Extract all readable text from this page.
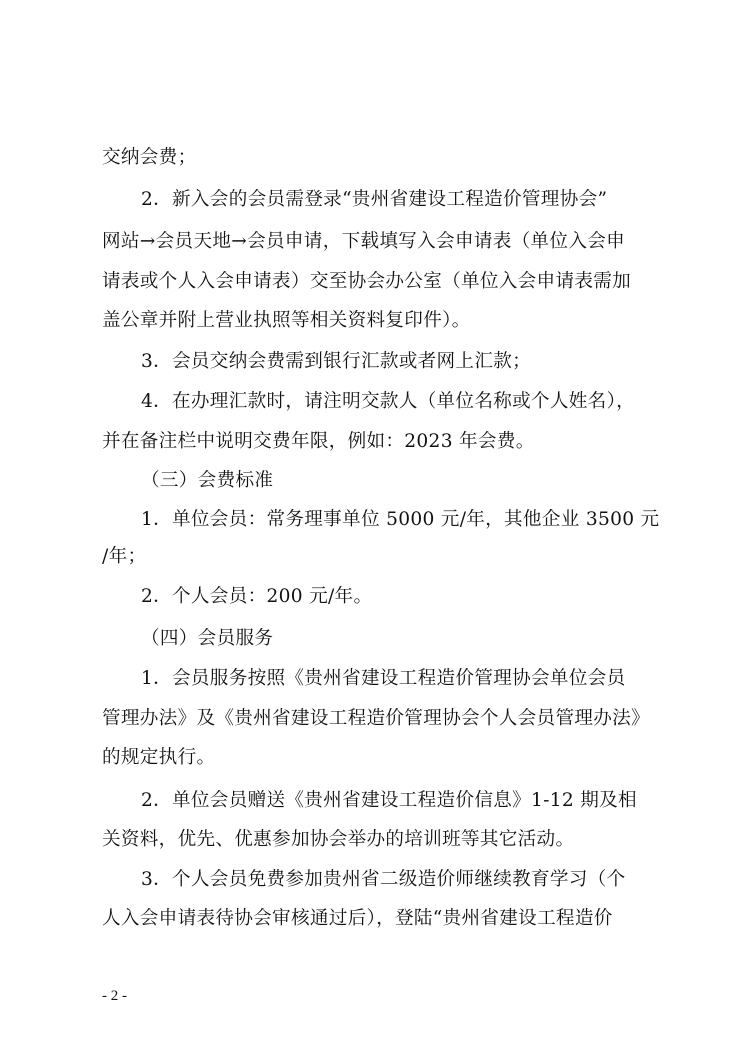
交纳会费；
2．新入会的会员需登录“贵州省建设工程造价管理协会”
网站→会员天地→会员申请，下载填写入会申请表（单位入会申
请表或个人入会申请表）交至协会办公室（单位入会申请表需加
盖公章并附上营业执照等相关资料复印件）。
3．会员交纳会费需到银行汇款或者网上汇款；
4．在办理汇款时，请注明交款人（单位名称或个人姓名），
并在备注栏中说明交费年限，例如：2023 年会费。
（三）会费标准
1．单位会员：常务理事单位 5000 元/年，其他企业 3500 元
/年；
2．个人会员：200 元/年。
（四）会员服务
1．会员服务按照《贵州省建设工程造价管理协会单位会员
管理办法》及《贵州省建设工程造价管理协会个人会员管理办法》
的规定执行。
2．单位会员赠送《贵州省建设工程造价信息》1-12 期及相
关资料，优先、优惠参加协会举办的培训班等其它活动。
3．个人会员免费参加贵州省二级造价师继续教育学习（个
人入会申请表待协会审核通过后），登陆“贵州省建设工程造价
- 2 -
